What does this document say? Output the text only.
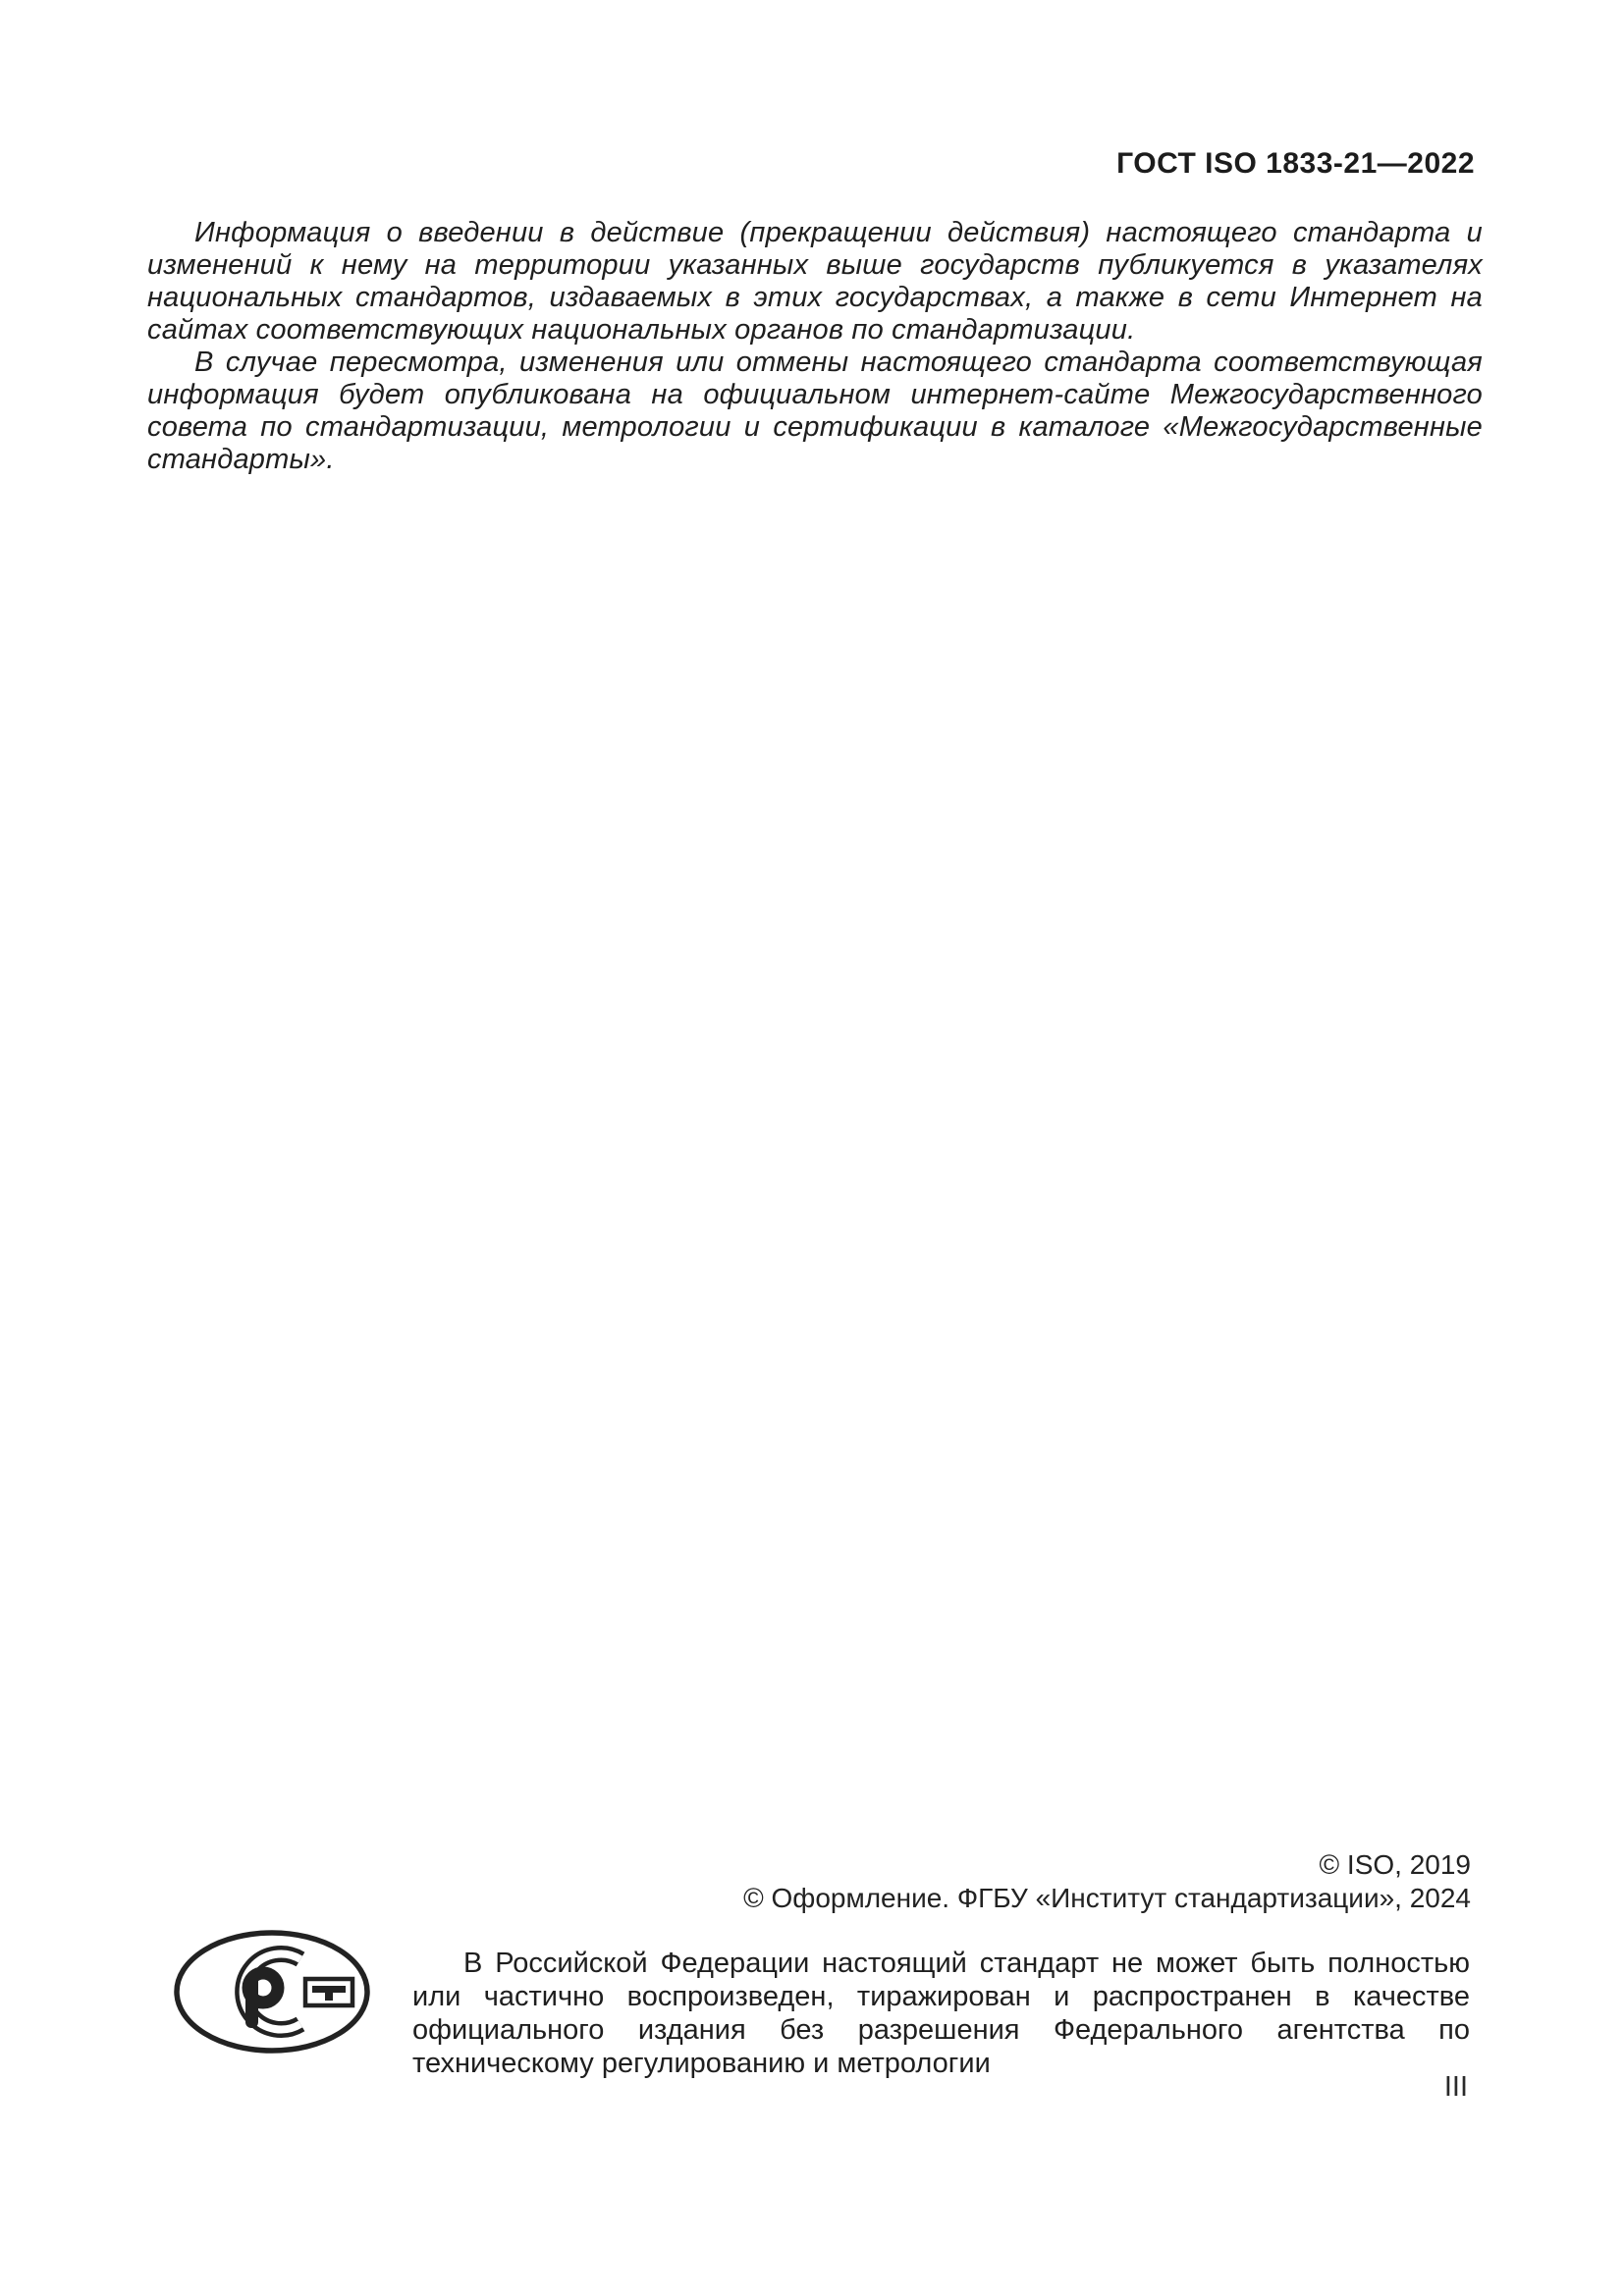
ГОСТ ISO 1833-21—2022

Информация о введении в действие (прекращении действия) настоящего стандарта и изменений к нему на территории указанных выше государств публикуется в указателях национальных стандартов, издаваемых в этих государствах, а также в сети Интернет на сайтах соответствующих национальных органов по стандартизации.

В случае пересмотра, изменения или отмены настоящего стандарта соответствующая информация будет опубликована на официальном интернет-сайте Межгосударственного совета по стандартизации, метрологии и сертификации в каталоге «Межгосударственные стандарты».

© ISO, 2019
© Оформление. ФГБУ «Институт стандартизации», 2024

В Российской Федерации настоящий стандарт не может быть полностью или частично воспроизведен, тиражирован и распространен в качестве официального издания без разрешения Федерального агентства по техническому регулированию и метрологии

III
